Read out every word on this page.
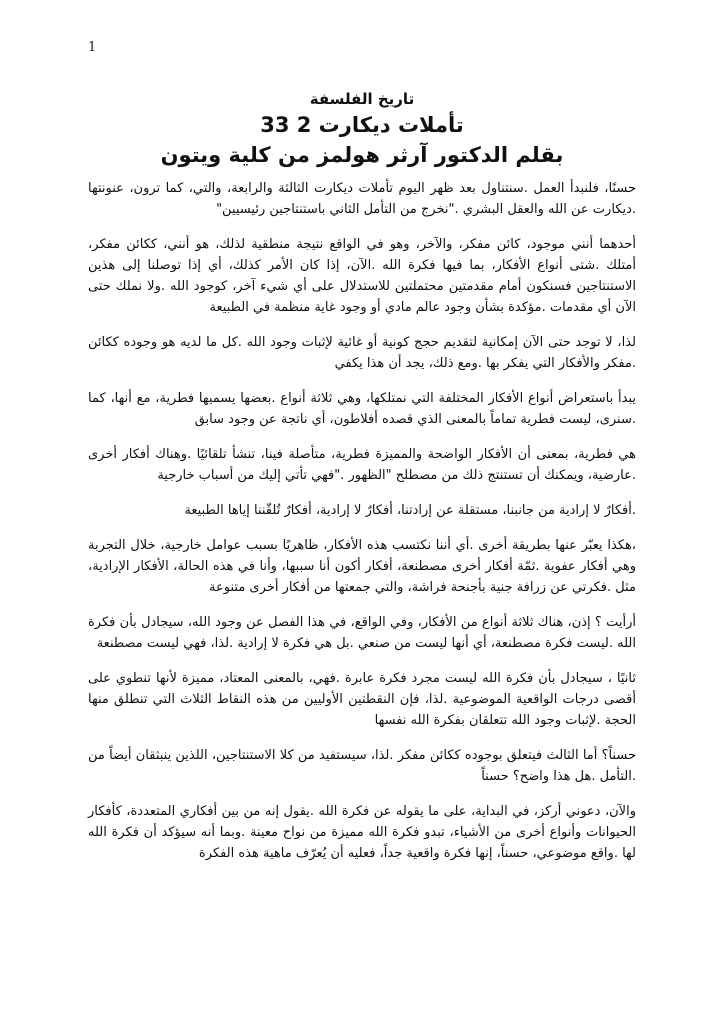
1
تاريخ الفلسفة
تأملات ديكارت 2 33
بقلم الدكتور آرثر هولمز من كلية ويتون

حسنًا، فلنبدأ العمل .سنتناول بعد ظهر اليوم تأملات ديكارت الثالثة والرابعة، والتي، كما ترون، عنونتها .ديكارت عن الله والعقل البشري ."نخرج من التأمل الثاني باستنتاجين رئيسيين"

أحدهما أنني موجود، كائن مفكر، والآخر، وهو في الواقع نتيجة منطقية لذلك، هو أنني، ككائن مفكر، أمتلك .شتى أنواع الأفكار، بما فيها فكرة الله .الآن، إذا كان الأمر كذلك، أي إذا توصلنا إلى هذين الاستنتاجين فسنكون أمام مقدمتين محتملتين للاستدلال على أي شيء آخر، كوجود الله .ولا نملك حتى الآن أي مقدمات .مؤكدة بشأن وجود عالم مادي أو وجود غاية منظمة في الطبيعة

لذا، لا توجد حتى الآن إمكانية لتقديم حجج كونية أو غائية لإثبات وجود الله .كل ما لديه هو وجوده ككائن .مفكر والأفكار التي يفكر بها .ومع ذلك، يجد أن هذا يكفي

يبدأ باستعراض أنواع الأفكار المختلفة التي نمتلكها، وهي ثلاثة أنواع .بعضها يسميها فطرية، مع أنها، كما .سنرى، ليست فطرية تماماً بالمعنى الذي قصده أفلاطون، أي ناتجة عن وجود سابق

هي فطرية، بمعنى أن الأفكار الواضحة والمميزة فطرية، متأصلة فينا، تنشأ تلقائيًا .وهناك أفكار أخرى .عارضية، ويمكنك أن تستنتج ذلك من مصطلح "الظهور ."فهي تأتي إليك من أسباب خارجية

.أفكارٌ لا إرادية من جانبنا، مستقلة عن إرادتنا، أفكارٌ لا إرادية، أفكارٌ تُلقّننا إياها الطبيعة

،هكذا يعبّر عنها بطريقة أخرى .أي أننا نكتسب هذه الأفكار، ظاهريًا بسبب عوامل خارجية، خلال التجربة وهي أفكار عفوية .ثمّة أفكار أخرى مصطنعة، أفكار أكون أنا سببها، وأنا في هذه الحالة، الأفكار الإرادية، مثل .فكرتي عن زرافة جنية بأجنحة فراشة، والتي جمعتها من أفكار أخرى متنوعة

أرأيت ؟ إذن، هناك ثلاثة أنواع من الأفكار، وفي الواقع، في هذا الفصل عن وجود الله، سيجادل بأن فكرة الله .ليست فكرة مصطنعة، أي أنها ليست من صنعي .بل هي فكرة لا إرادية .لذا، فهي ليست مصطنعة

ثانيًا ، سيجادل بأن فكرة الله ليست مجرد فكرة عابرة .فهي، بالمعنى المعتاد، مميزة لأنها تنطوي على أقصى درجات الواقعية الموضوعية .لذا، فإن النقطتين الأوليين من هذه النقاط الثلاث التي تنطلق منها الحجة .لإثبات وجود الله تتعلقان بفكرة الله نفسها

حسناً؟ أما الثالث فيتعلق بوجوده ككائن مفكر .لذا، سيستفيد من كلا الاستنتاجين، اللذين ينبثقان أيضاً من .التأمل .هل هذا واضح؟ حسناً

والآن، دعوني أركز، في البداية، على ما يقوله عن فكرة الله .يقول إنه من بين أفكاري المتعددة، كأفكار الحيوانات وأنواع أخرى من الأشياء، تبدو فكرة الله مميزة من نواح معينة .وبما أنه سيؤكد أن فكرة الله لها .واقع موضوعي، حسناً، إنها فكرة واقعية جداً، فعليه أن يُعرّف ماهية هذه الفكرة
